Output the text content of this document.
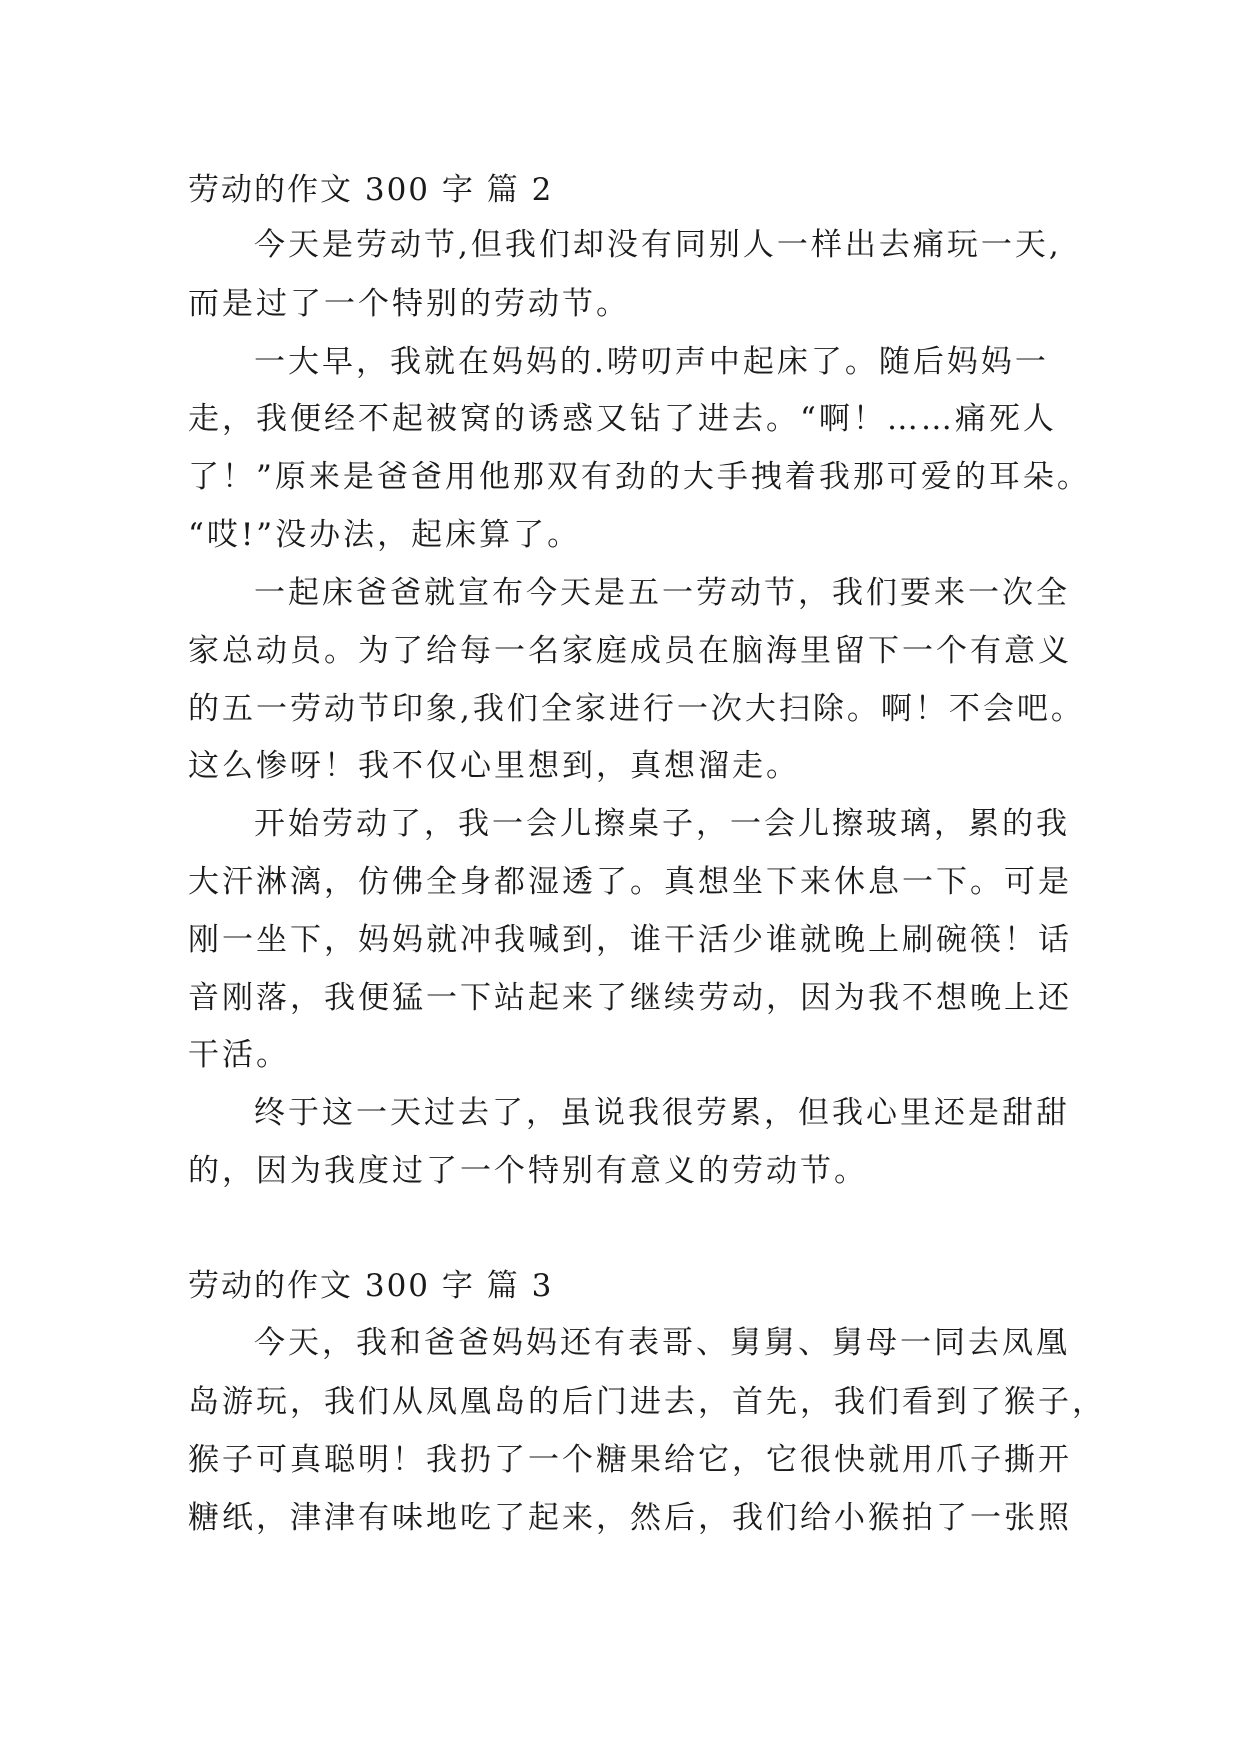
劳动的作文 300 字 篇 2
今天是劳动节,但我们却没有同别人一样出去痛玩一天,
而是过了一个特别的劳动节。
一大早，我就在妈妈的.唠叨声中起床了。随后妈妈一
走，我便经不起被窝的诱惑又钻了进去。“啊！……痛死人
了！”原来是爸爸用他那双有劲的大手拽着我那可爱的耳朵。
“哎!”没办法，起床算了。
一起床爸爸就宣布今天是五一劳动节，我们要来一次全
家总动员。为了给每一名家庭成员在脑海里留下一个有意义
的五一劳动节印象,我们全家进行一次大扫除。啊！不会吧。
这么惨呀！我不仅心里想到，真想溜走。
开始劳动了，我一会儿擦桌子，一会儿擦玻璃，累的我
大汗淋漓，仿佛全身都湿透了。真想坐下来休息一下。可是
刚一坐下，妈妈就冲我喊到，谁干活少谁就晚上刷碗筷！话
音刚落，我便猛一下站起来了继续劳动，因为我不想晚上还
干活。
终于这一天过去了，虽说我很劳累，但我心里还是甜甜
的，因为我度过了一个特别有意义的劳动节。
劳动的作文 300 字 篇 3
今天，我和爸爸妈妈还有表哥、舅舅、舅母一同去凤凰
岛游玩，我们从凤凰岛的后门进去，首先，我们看到了猴子，
猴子可真聪明！我扔了一个糖果给它，它很快就用爪子撕开
糖纸，津津有味地吃了起来，然后，我们给小猴拍了一张照
